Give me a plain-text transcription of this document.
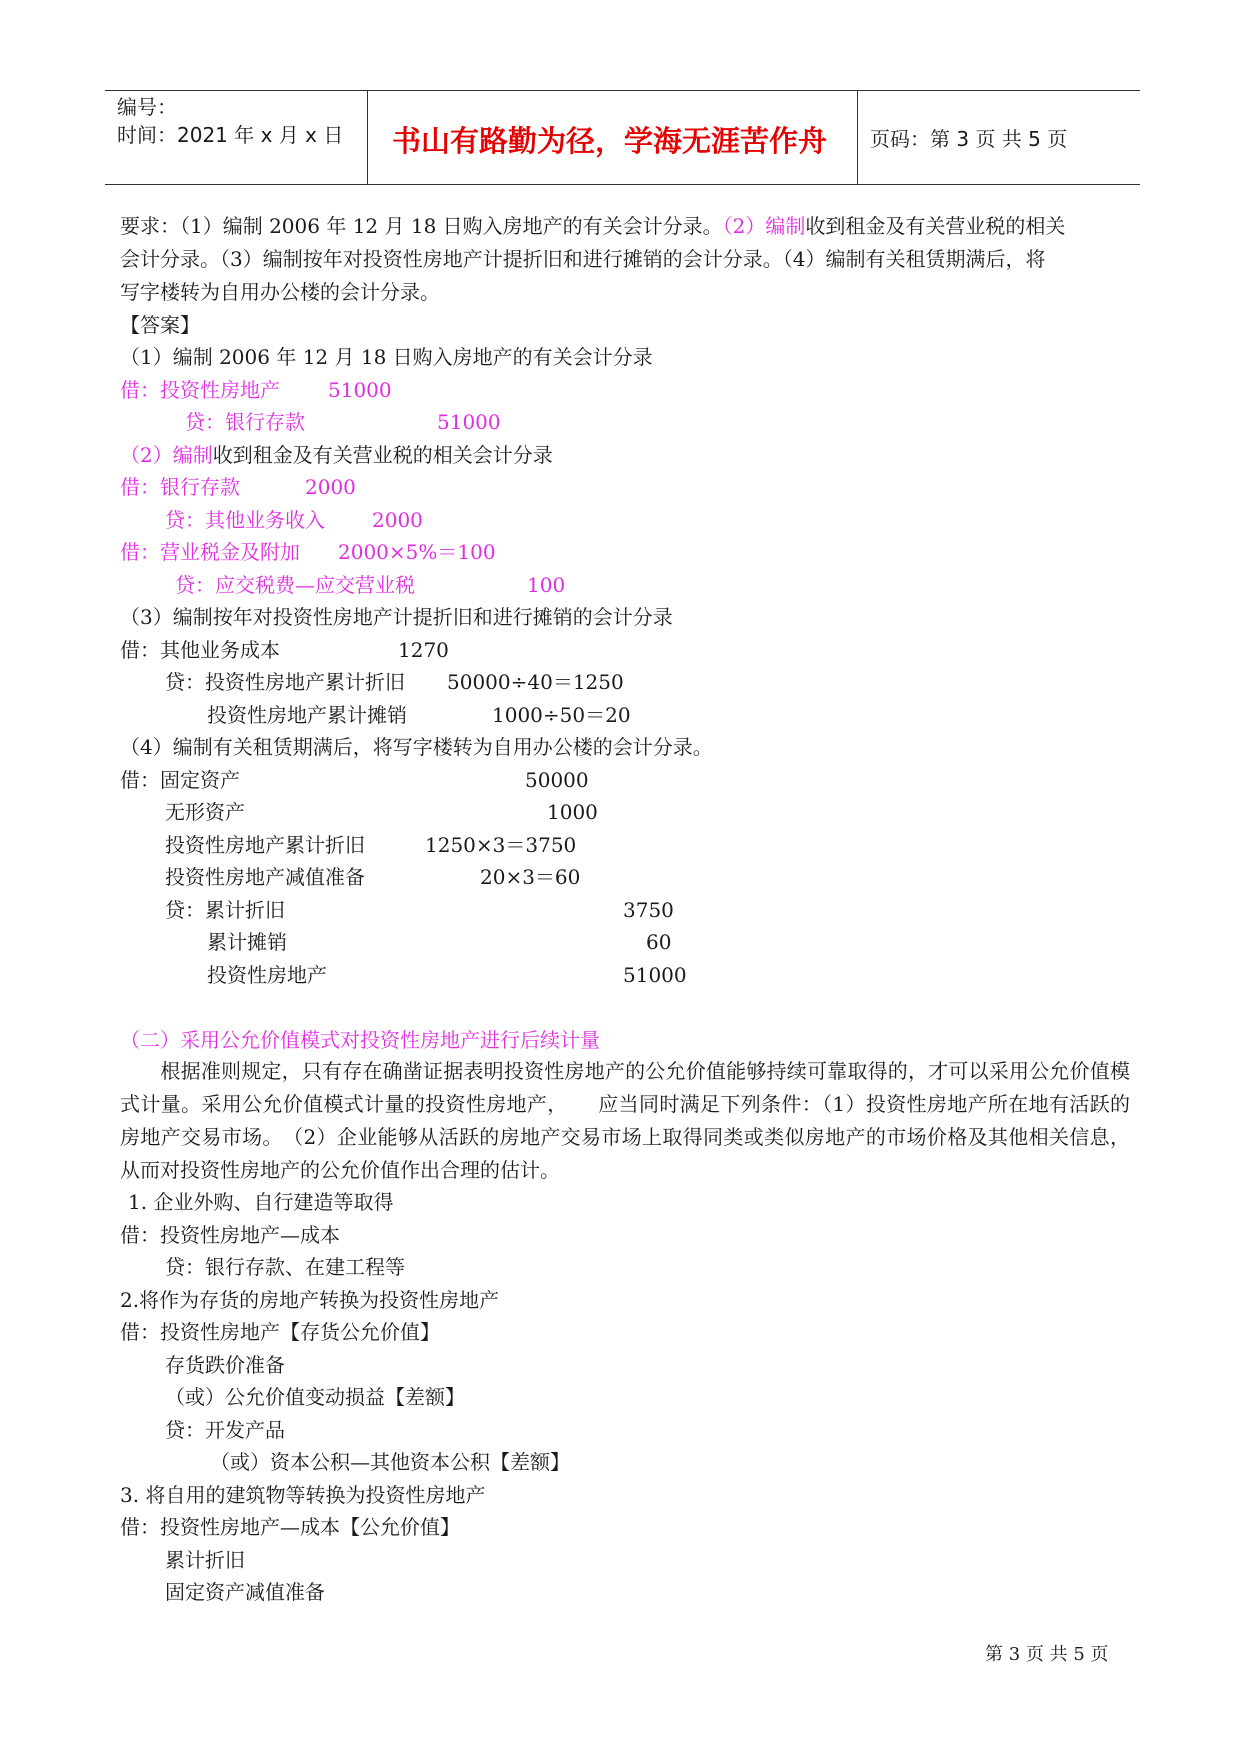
编号：
时间：2021 年 x 月 x 日	书山有路勤为径，学海无涯苦作舟	页码：第 3 页 共 5 页
要求：（1）编制 2006 年 12 月 18 日购入房地产的有关会计分录。（2）编制收到租金及有关营业税的相关
会计分录。（3）编制按年对投资性房地产计提折旧和进行摊销的会计分录。（4）编制有关租赁期满后，将
写字楼转为自用办公楼的会计分录。
【答案】
（1）编制 2006 年 12 月 18 日购入房地产的有关会计分录
借：投资性房地产 51000
贷：银行存款	51000
（2）编制收到租金及有关营业税的相关会计分录
借：银行存款	2000
贷：其他业务收入 2000
借：营业税金及附加 2000×5%＝100
贷：应交税费—应交营业税	100
（3）编制按年对投资性房地产计提折旧和进行摊销的会计分录
借：其他业务成本	1270
贷：投资性房地产累计折旧 50000÷40＝1250
投资性房地产累计摊销	1000÷50＝20
（4）编制有关租赁期满后，将写字楼转为自用办公楼的会计分录。
借：固定资产	50000
无形资产	1000
投资性房地产累计折旧	1250×3＝3750
投资性房地产减值准备	20×3＝60
贷：累计折旧	3750
累计摊销	60
投资性房地产	51000
（二）采用公允价值模式对投资性房地产进行后续计量
　　根据准则规定，只有存在确凿证据表明投资性房地产的公允价值能够持续可靠取得的，才可以采用公允价值模式计量。采用公允价值模式计量的投资性房地产，　　应当同时满足下列条件：（1）投资性房地产所在地有活跃的房地产交易市场。　（2）企业能够从活跃的房地产交易市场上取得同类或类似房地产的市场价格及其他相关信息，从而对投资性房地产的公允价值作出合理的估计。
1. 企业外购、自行建造等取得
借：投资性房地产—成本
贷：银行存款、在建工程等
2.将作为存货的房地产转换为投资性房地产
借：投资性房地产【存货公允价值】
存货跌价准备
（或）公允价值变动损益【差额】
贷：开发产品
（或）资本公积—其他资本公积【差额】
3. 将自用的建筑物等转换为投资性房地产
借：投资性房地产—成本【公允价值】
累计折旧
固定资产减值准备
第 3 页 共 5 页
